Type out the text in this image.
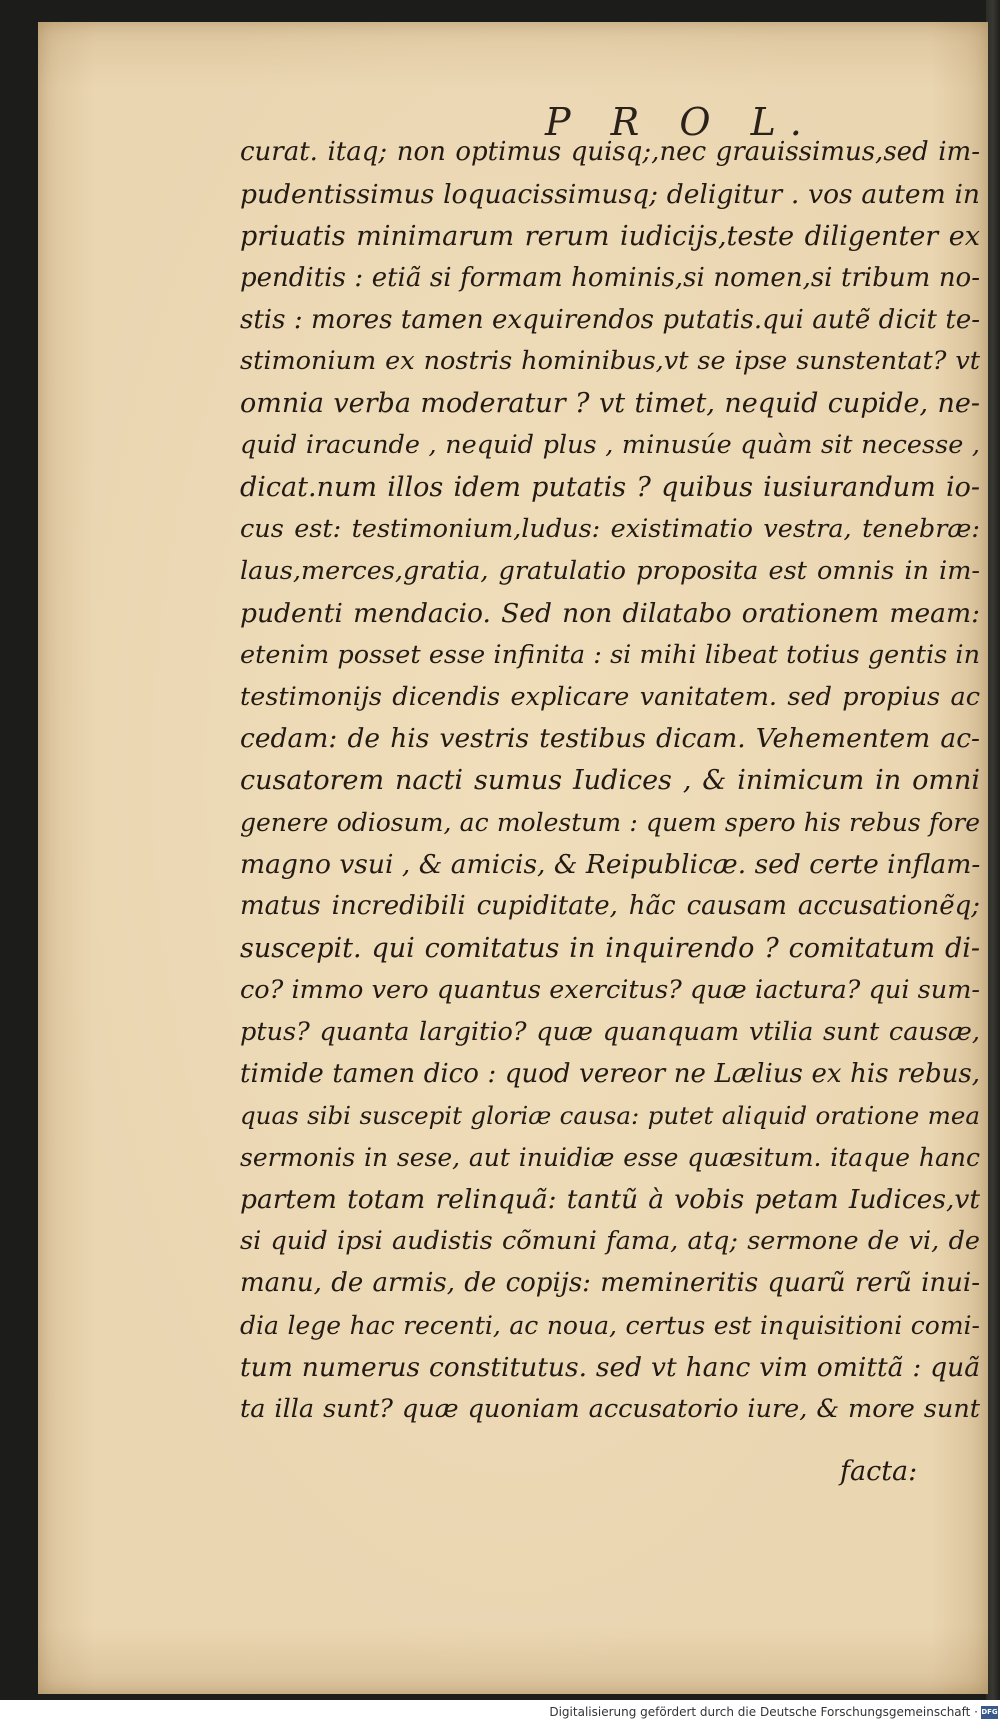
P R O L.
curat. itaq; non optimus quisq;,nec grauissimus,sed im-
pudentissimus loquacissimusq; deligitur . vos autem in
priuatis minimarum rerum iudicijs,teste diligenter ex
penditis : etiã si formam hominis,si nomen,si tribum no-
stis : mores tamen exquirendos putatis.qui autẽ dicit te-
stimonium ex nostris hominibus,vt se ipse sunstentat? vt
omnia verba moderatur ? vt timet, nequid cupide, ne-
quid iracunde , nequid plus , minusúe quàm sit necesse ,
dicat.num illos idem putatis ? quibus iusiurandum io-
cus est: testimonium,ludus: existimatio vestra, tenebræ:
laus,merces,gratia, gratulatio proposita est omnis in im-
pudenti mendacio. Sed non dilatabo orationem meam:
etenim posset esse infinita : si mihi libeat totius gentis in
testimonijs dicendis explicare vanitatem. sed propius ac
cedam: de his vestris testibus dicam. Vehementem ac-
cusatorem nacti sumus Iudices , & inimicum in omni
genere odiosum, ac molestum : quem spero his rebus fore
magno vsui , & amicis, & Reipublicæ. sed certe inflam-
matus incredibili cupiditate, hãc causam accusationẽq;
suscepit. qui comitatus in inquirendo ? comitatum di-
co? immo vero quantus exercitus? quæ iactura? qui sum-
ptus? quanta largitio? quæ quanquam vtilia sunt causæ,
timide tamen dico : quod vereor ne Lælius ex his rebus,
quas sibi suscepit gloriæ causa: putet aliquid oratione mea
sermonis in sese, aut inuidiæ esse quæsitum. itaque hanc
partem totam relinquã: tantũ à vobis petam Iudices,vt
si quid ipsi audistis cõmuni fama, atq; sermone de vi, de
manu, de armis, de copijs: memineritis quarũ rerũ inui-
dia lege hac recenti, ac noua, certus est inquisitioni comi-
tum numerus constitutus. sed vt hanc vim omittã : quã
ta illa sunt? quæ quoniam accusatorio iure, & more sunt
facta:
Digitalisierung gefördert durch die Deutsche Forschungsgemeinschaft · DFG
